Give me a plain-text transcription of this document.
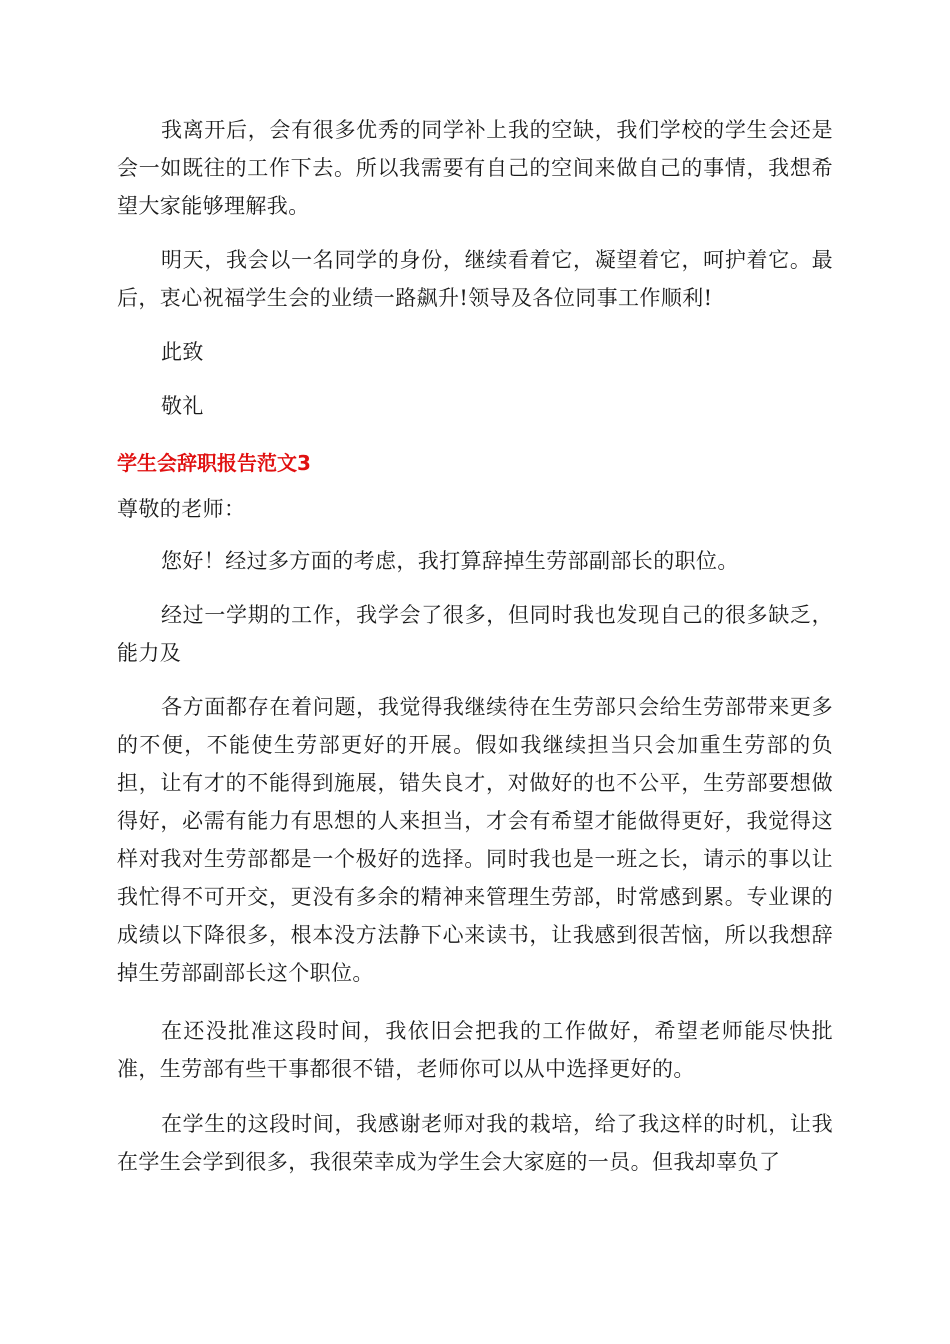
我离开后，会有很多优秀的同学补上我的空缺，我们学校的学生会还是会一如既往的工作下去。所以我需要有自己的空间来做自己的事情，我想希望大家能够理解我。

明天，我会以一名同学的身份，继续看着它，凝望着它，呵护着它。最后，衷心祝福学生会的业绩一路飙升!领导及各位同事工作顺利!

此致

敬礼

学生会辞职报告范文3

尊敬的老师：

您好！经过多方面的考虑，我打算辞掉生劳部副部长的职位。

经过一学期的工作，我学会了很多，但同时我也发现自己的很多缺乏，能力及

各方面都存在着问题，我觉得我继续待在生劳部只会给生劳部带来更多的不便，不能使生劳部更好的开展。假如我继续担当只会加重生劳部的负担，让有才的不能得到施展，错失良才，对做好的也不公平，生劳部要想做得好，必需有能力有思想的人来担当，才会有希望才能做得更好，我觉得这样对我对生劳部都是一个极好的选择。同时我也是一班之长，请示的事以让我忙得不可开交，更没有多余的精神来管理生劳部，时常感到累。专业课的成绩以下降很多，根本没方法静下心来读书，让我感到很苦恼，所以我想辞掉生劳部副部长这个职位。

在还没批准这段时间，我依旧会把我的工作做好，希望老师能尽快批准，生劳部有些干事都很不错，老师你可以从中选择更好的。

在学生的这段时间，我感谢老师对我的栽培，给了我这样的时机，让我在学生会学到很多，我很荣幸成为学生会大家庭的一员。但我却辜负了
